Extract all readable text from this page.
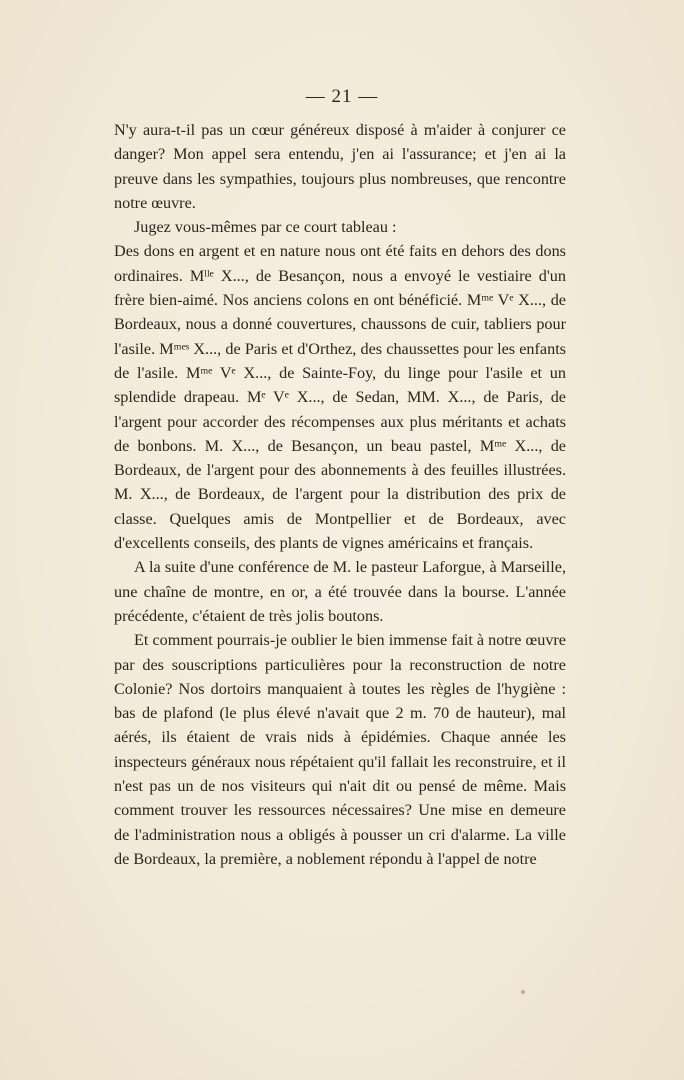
— 21 —

N'y aura-t-il pas un cœur généreux disposé à m'aider à conjurer ce danger? Mon appel sera entendu, j'en ai l'assurance; et j'en ai la preuve dans les sympathies, toujours plus nombreuses, que rencontre notre œuvre.

Jugez vous-mêmes par ce court tableau :

Des dons en argent et en nature nous ont été faits en dehors des dons ordinaires. Mˡˡᵉ X..., de Besançon, nous a envoyé le vestiaire d'un frère bien-aimé. Nos anciens colons en ont bénéficié. Mᵐᵉ Vᵉ X..., de Bordeaux, nous a donné couvertures, chaussons de cuir, tabliers pour l'asile. Mᵐᵉˢ X..., de Paris et d'Orthez, des chaussettes pour les enfants de l'asile. Mᵐᵉ Vᵉ X..., de Sainte-Foy, du linge pour l'asile et un splendide drapeau. Mᵉ Vᵉ X..., de Sedan, MM. X..., de Paris, de l'argent pour accorder des récompenses aux plus méritants et achats de bonbons. M. X..., de Besançon, un beau pastel, Mᵐᵉ X..., de Bordeaux, de l'argent pour des abonnements à des feuilles illustrées. M. X..., de Bordeaux, de l'argent pour la distribution des prix de classe. Quelques amis de Montpellier et de Bordeaux, avec d'excellents conseils, des plants de vignes américains et français.

A la suite d'une conférence de M. le pasteur Laforgue, à Marseille, une chaîne de montre, en or, a été trouvée dans la bourse. L'année précédente, c'étaient de très jolis boutons.

Et comment pourrais-je oublier le bien immense fait à notre œuvre par des souscriptions particulières pour la reconstruction de notre Colonie? Nos dortoirs manquaient à toutes les règles de l'hygiène : bas de plafond (le plus élevé n'avait que 2 m. 70 de hauteur), mal aérés, ils étaient de vrais nids à épidémies. Chaque année les inspecteurs généraux nous répétaient qu'il fallait les reconstruire, et il n'est pas un de nos visiteurs qui n'ait dit ou pensé de même. Mais comment trouver les ressources nécessaires? Une mise en demeure de l'administration nous a obligés à pousser un cri d'alarme. La ville de Bordeaux, la première, a noblement répondu à l'appel de notre
